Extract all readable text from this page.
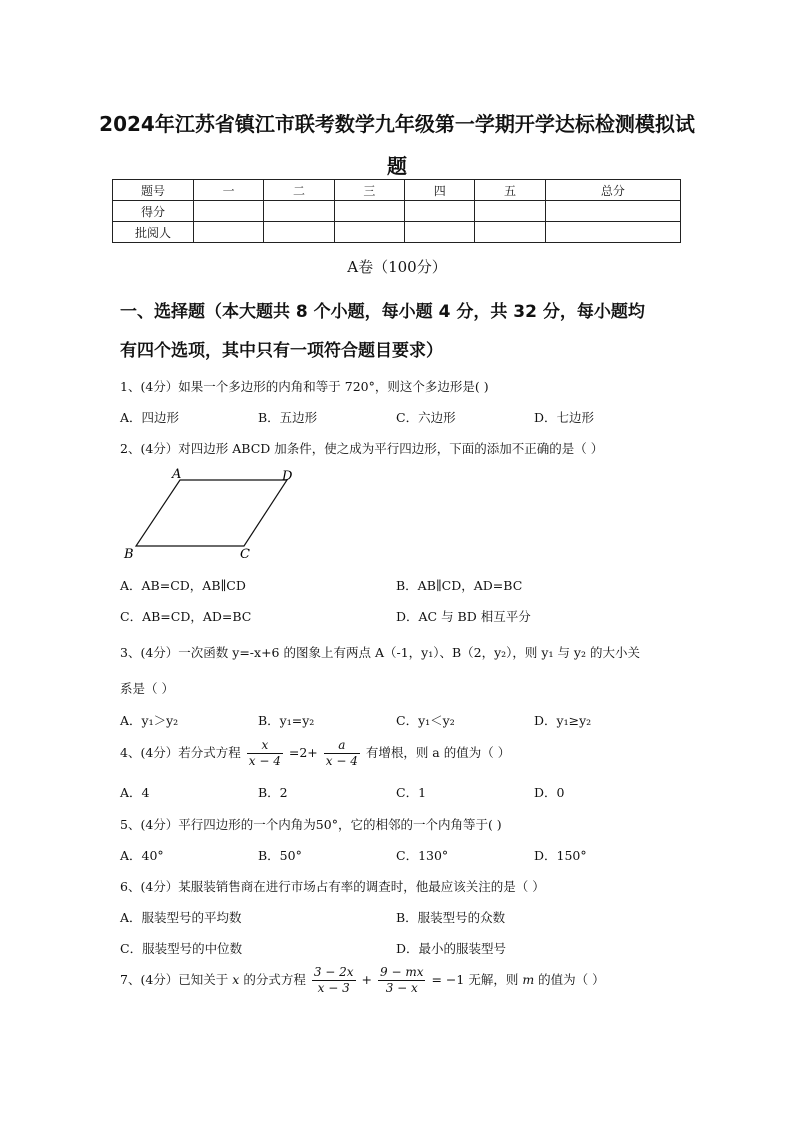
2024年江苏省镇江市联考数学九年级第一学期开学达标检测模拟试
题
题号	一	二	三	四	五	总分
得分						
批阅人						
A卷（100分）
一、选择题（本大题共 8 个小题，每小题 4 分，共 32 分，每小题均
有四个选项，其中只有一项符合题目要求）
1、(4分）如果一个多边形的内角和等于 720°，则这个多边形是( )
A．四边形	B．五边形	C．六边形	D．七边形
2、(4分）对四边形 ABCD 加条件，使之成为平行四边形，下面的添加不正确的是（ ）
A	D
B	C
A．AB=CD，AB∥CD	B．AB∥CD，AD=BC
C．AB=CD，AD=BC	D．AC 与 BD 相互平分
3、(4分）一次函数 y=-x+6 的图象上有两点 A（-1，y₁）、B（2，y₂），则 y₁ 与 y₂ 的大小关
系是（ ）
A．y₁＞y₂	B．y₁=y₂	C．y₁＜y₂	D．y₁≥y₂
4、(4分）若分式方程 $\frac{x}{x - 4} =2+ \frac{a}{x - 4}$ 有增根，则 a 的值为（ ）
A．4	B．2	C．1	D．0
5、(4分）平行四边形的一个内角为50°，它的相邻的一个内角等于( )
A．40°	B．50°	C．130°	D．150°
6、(4分）某服装销售商在进行市场占有率的调查时，他最应该关注的是（ ）
A．服装型号的平均数	B．服装型号的众数
C．服装型号的中位数	D．最小的服装型号
7、(4分）已知关于 x 的分式方程 $\frac{3 - 2x}{x - 3} + \frac{9 - mx}{3 - x} = -1$ 无解，则 m 的值为（ ）
